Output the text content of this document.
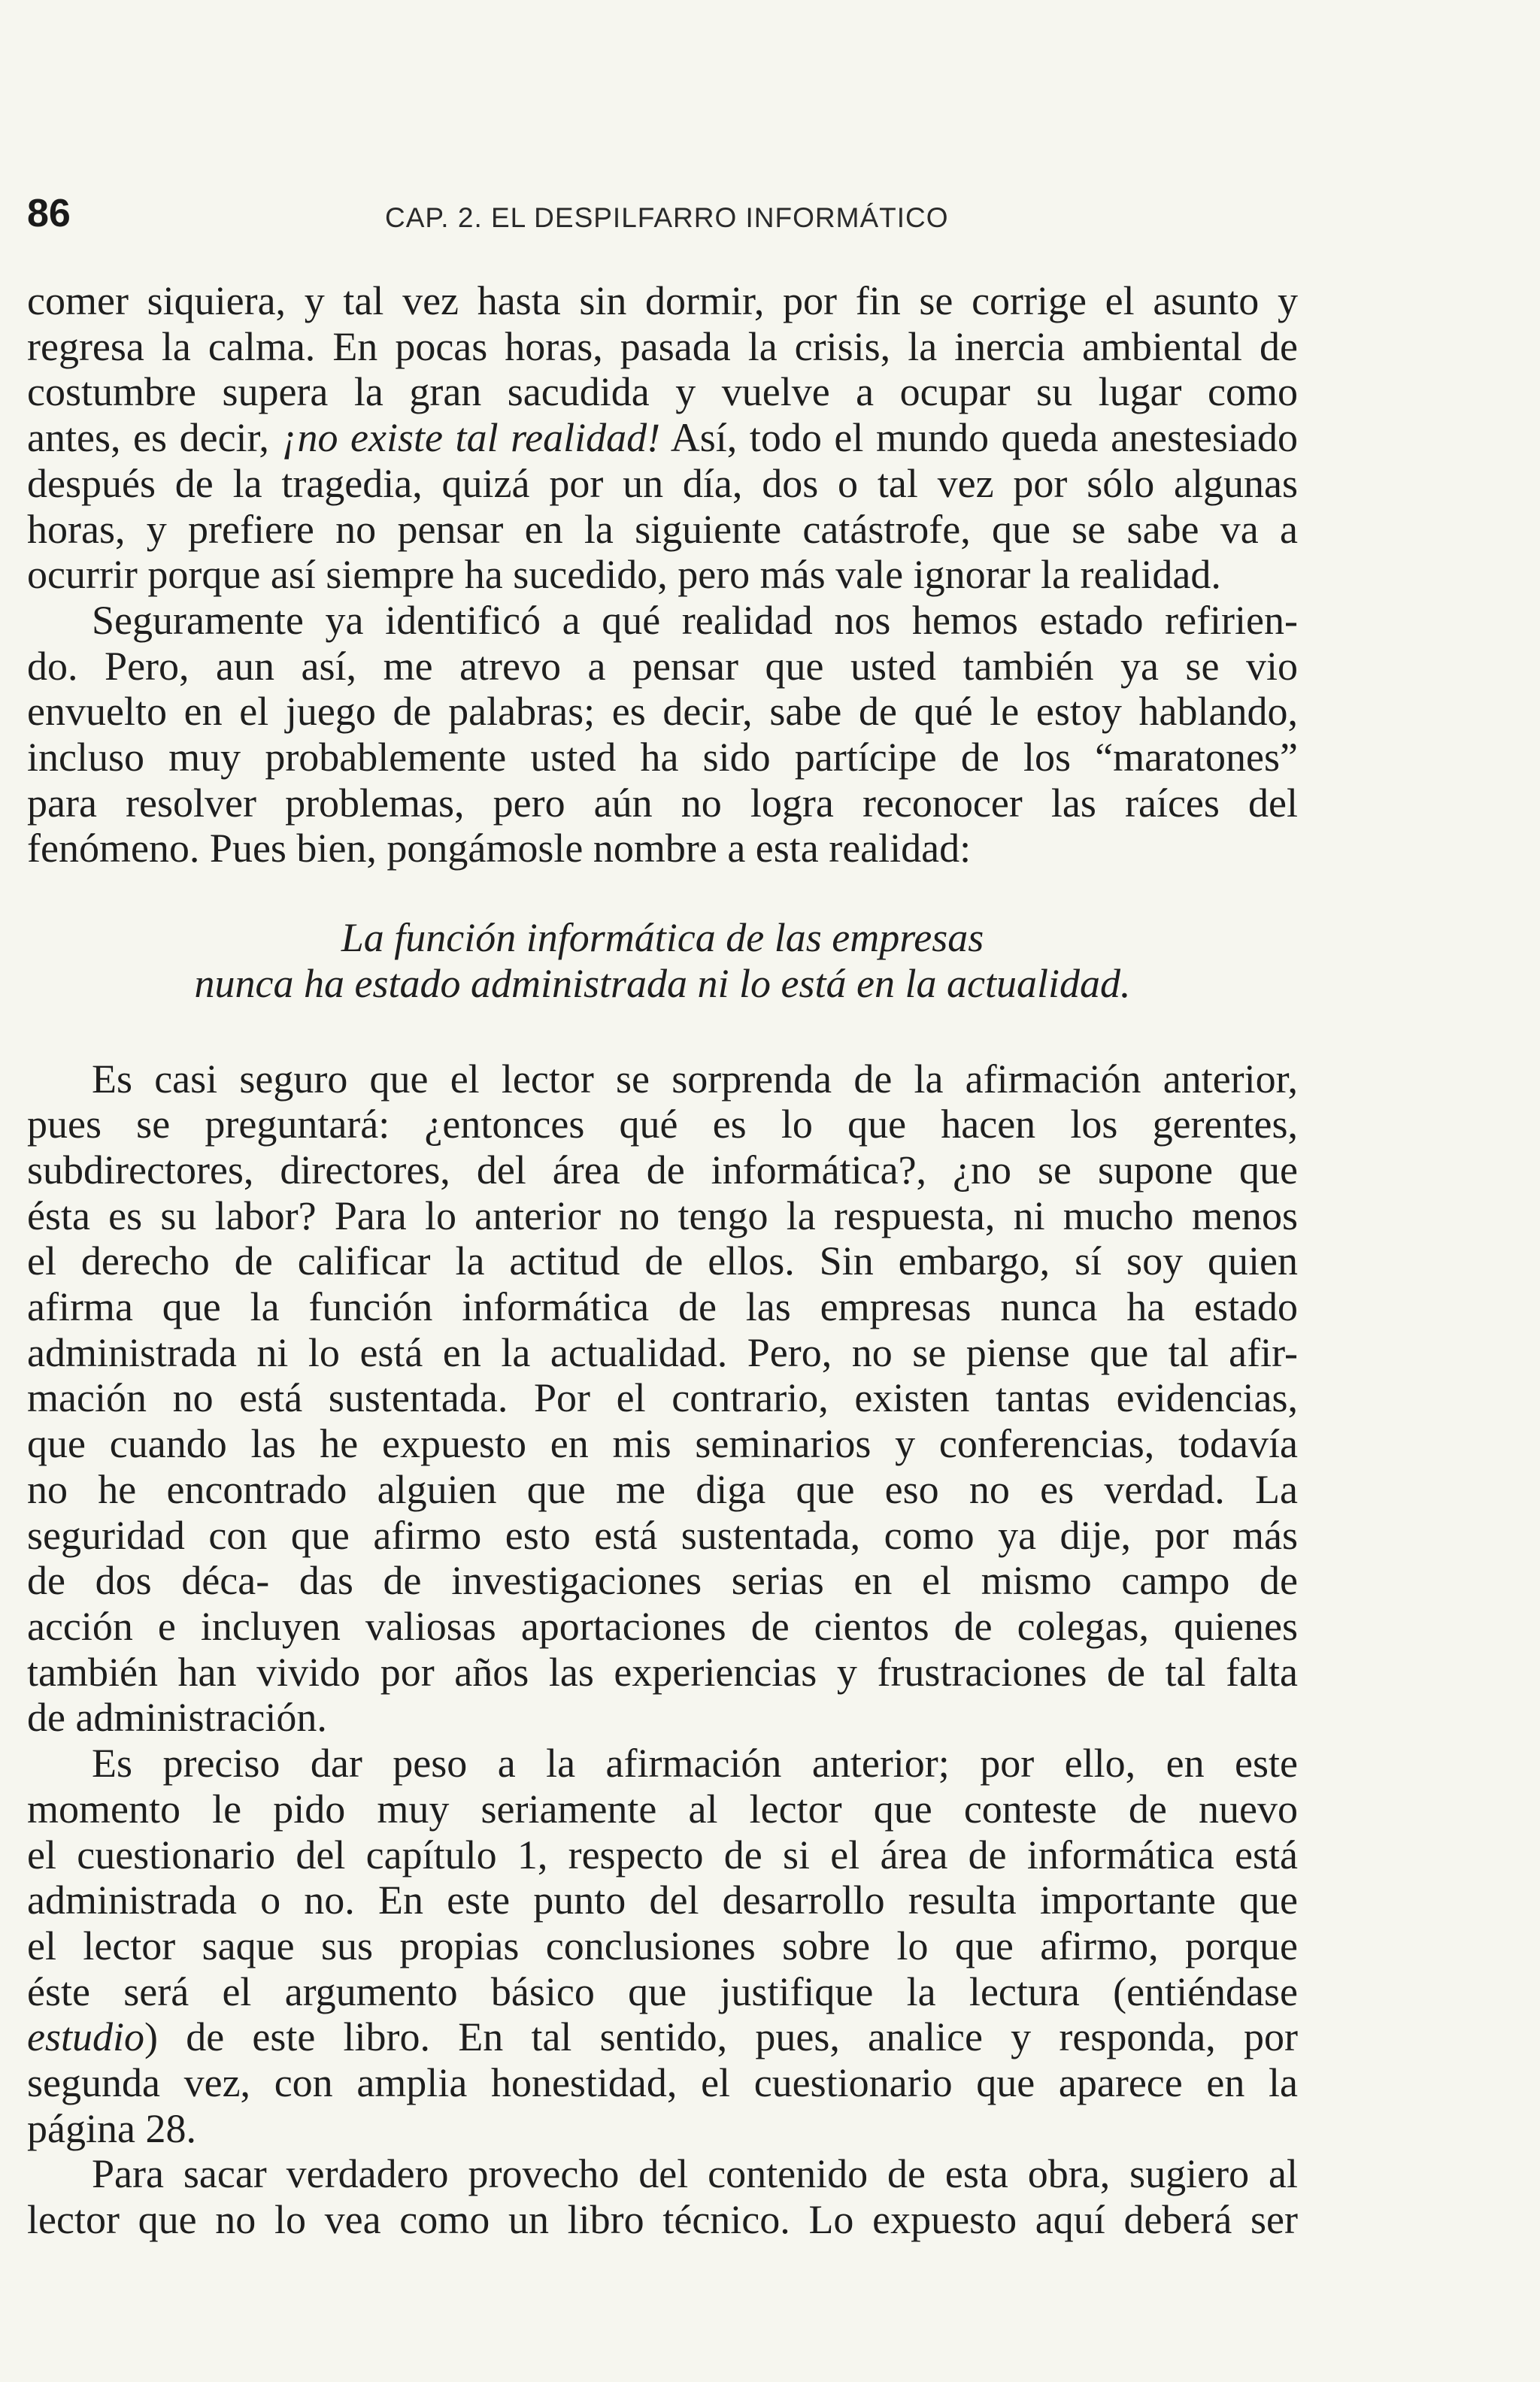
86	CAP. 2. EL DESPILFARRO INFORMÁTICO

comer siquiera, y tal vez hasta sin dormir, por fin se corrige el asunto y
regresa la calma. En pocas horas, pasada la crisis, la inercia ambiental de
costumbre supera la gran sacudida y vuelve a ocupar su lugar como
antes, es decir, ¡no existe tal realidad! Así, todo el mundo queda anestesiado
después de la tragedia, quizá por un día, dos o tal vez por sólo algunas
horas, y prefiere no pensar en la siguiente catástrofe, que se sabe va a
ocurrir porque así siempre ha sucedido, pero más vale ignorar la realidad.

Seguramente ya identificó a qué realidad nos hemos estado refirien-
do. Pero, aun así, me atrevo a pensar que usted también ya se vio
envuelto en el juego de palabras; es decir, sabe de qué le estoy hablando,
incluso muy probablemente usted ha sido partícipe de los “maratones”
para resolver problemas, pero aún no logra reconocer las raíces del
fenómeno. Pues bien, pongámosle nombre a esta realidad:

La función informática de las empresas
nunca ha estado administrada ni lo está en la actualidad.

Es casi seguro que el lector se sorprenda de la afirmación anterior,
pues se preguntará: ¿entonces qué es lo que hacen los gerentes,
subdirectores, directores, del área de informática?, ¿no se supone que
ésta es su labor? Para lo anterior no tengo la respuesta, ni mucho menos
el derecho de calificar la actitud de ellos. Sin embargo, sí soy quien
afirma que la función informática de las empresas nunca ha estado
administrada ni lo está en la actualidad. Pero, no se piense que tal afir-
mación no está sustentada. Por el contrario, existen tantas evidencias,
que cuando las he expuesto en mis seminarios y conferencias, todavía
no he encontrado alguien que me diga que eso no es verdad. La
seguridad con que afirmo esto está sustentada, como ya dije, por más
de dos déca- das de investigaciones serias en el mismo campo de
acción e incluyen valiosas aportaciones de cientos de colegas, quienes
también han vivido por años las experiencias y frustraciones de tal falta
de administración.

Es preciso dar peso a la afirmación anterior; por ello, en este
momento le pido muy seriamente al lector que conteste de nuevo
el cuestionario del capítulo 1, respecto de si el área de informática está
administrada o no. En este punto del desarrollo resulta importante que
el lector saque sus propias conclusiones sobre lo que afirmo, porque
éste será el argumento básico que justifique la lectura (entiéndase
estudio) de este libro. En tal sentido, pues, analice y responda, por
segunda vez, con amplia honestidad, el cuestionario que aparece en la
página 28.

Para sacar verdadero provecho del contenido de esta obra, sugiero al
lector que no lo vea como un libro técnico. Lo expuesto aquí deberá ser
